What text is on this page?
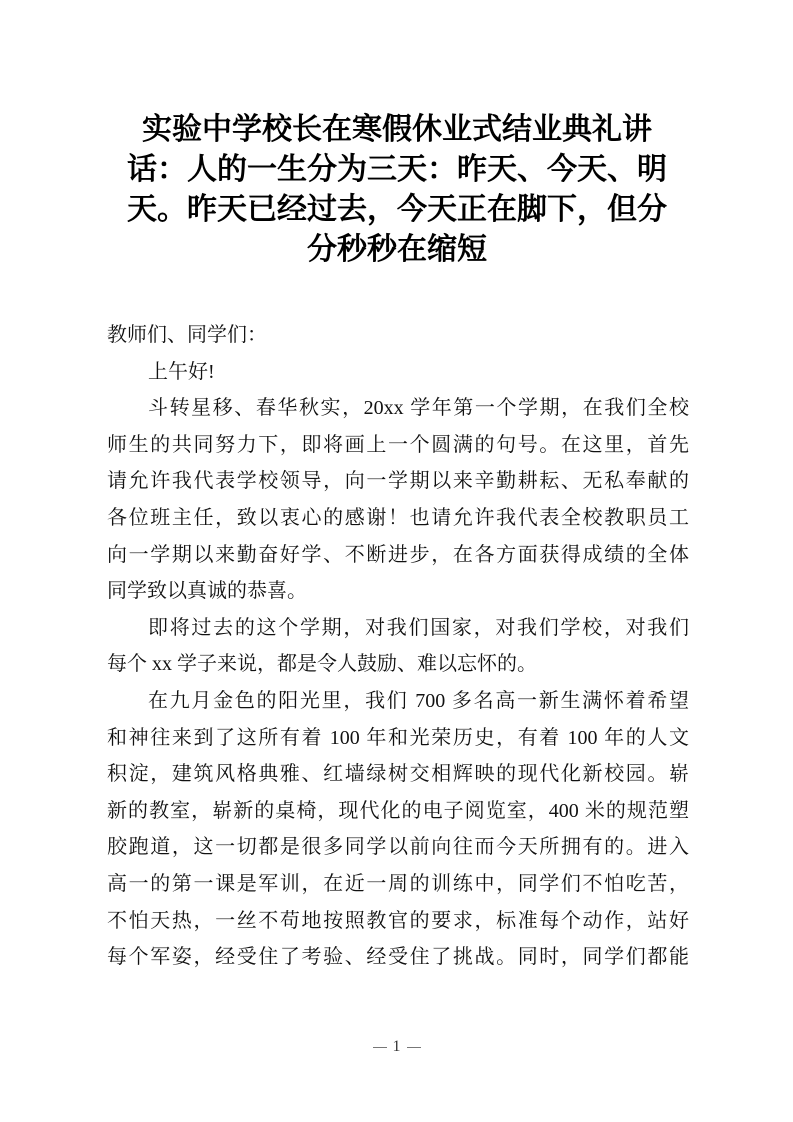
实验中学校长在寒假休业式结业典礼讲
话：人的一生分为三天：昨天、今天、明
天。昨天已经过去，今天正在脚下，但分
分秒秒在缩短
教师们、同学们：
上午好!
斗转星移、春华秋实，20xx 学年第一个学期，在我们全校
师生的共同努力下，即将画上一个圆满的句号。在这里，首先
请允许我代表学校领导，向一学期以来辛勤耕耘、无私奉献的
各位班主任，致以衷心的感谢！也请允许我代表全校教职员工
向一学期以来勤奋好学、不断进步，在各方面获得成绩的全体
同学致以真诚的恭喜。
即将过去的这个学期，对我们国家，对我们学校，对我们
每个 xx 学子来说，都是令人鼓励、难以忘怀的。
在九月金色的阳光里，我们 700 多名高一新生满怀着希望
和神往来到了这所有着 100 年和光荣历史，有着 100 年的人文
积淀，建筑风格典雅、红墙绿树交相辉映的现代化新校园。崭
新的教室，崭新的桌椅，现代化的电子阅览室，400 米的规范塑
胶跑道，这一切都是很多同学以前向往而今天所拥有的。进入
高一的第一课是军训，在近一周的训练中，同学们不怕吃苦，
不怕天热，一丝不苟地按照教官的要求，标准每个动作，站好
每个军姿，经受住了考验、经受住了挑战。同时，同学们都能
1
